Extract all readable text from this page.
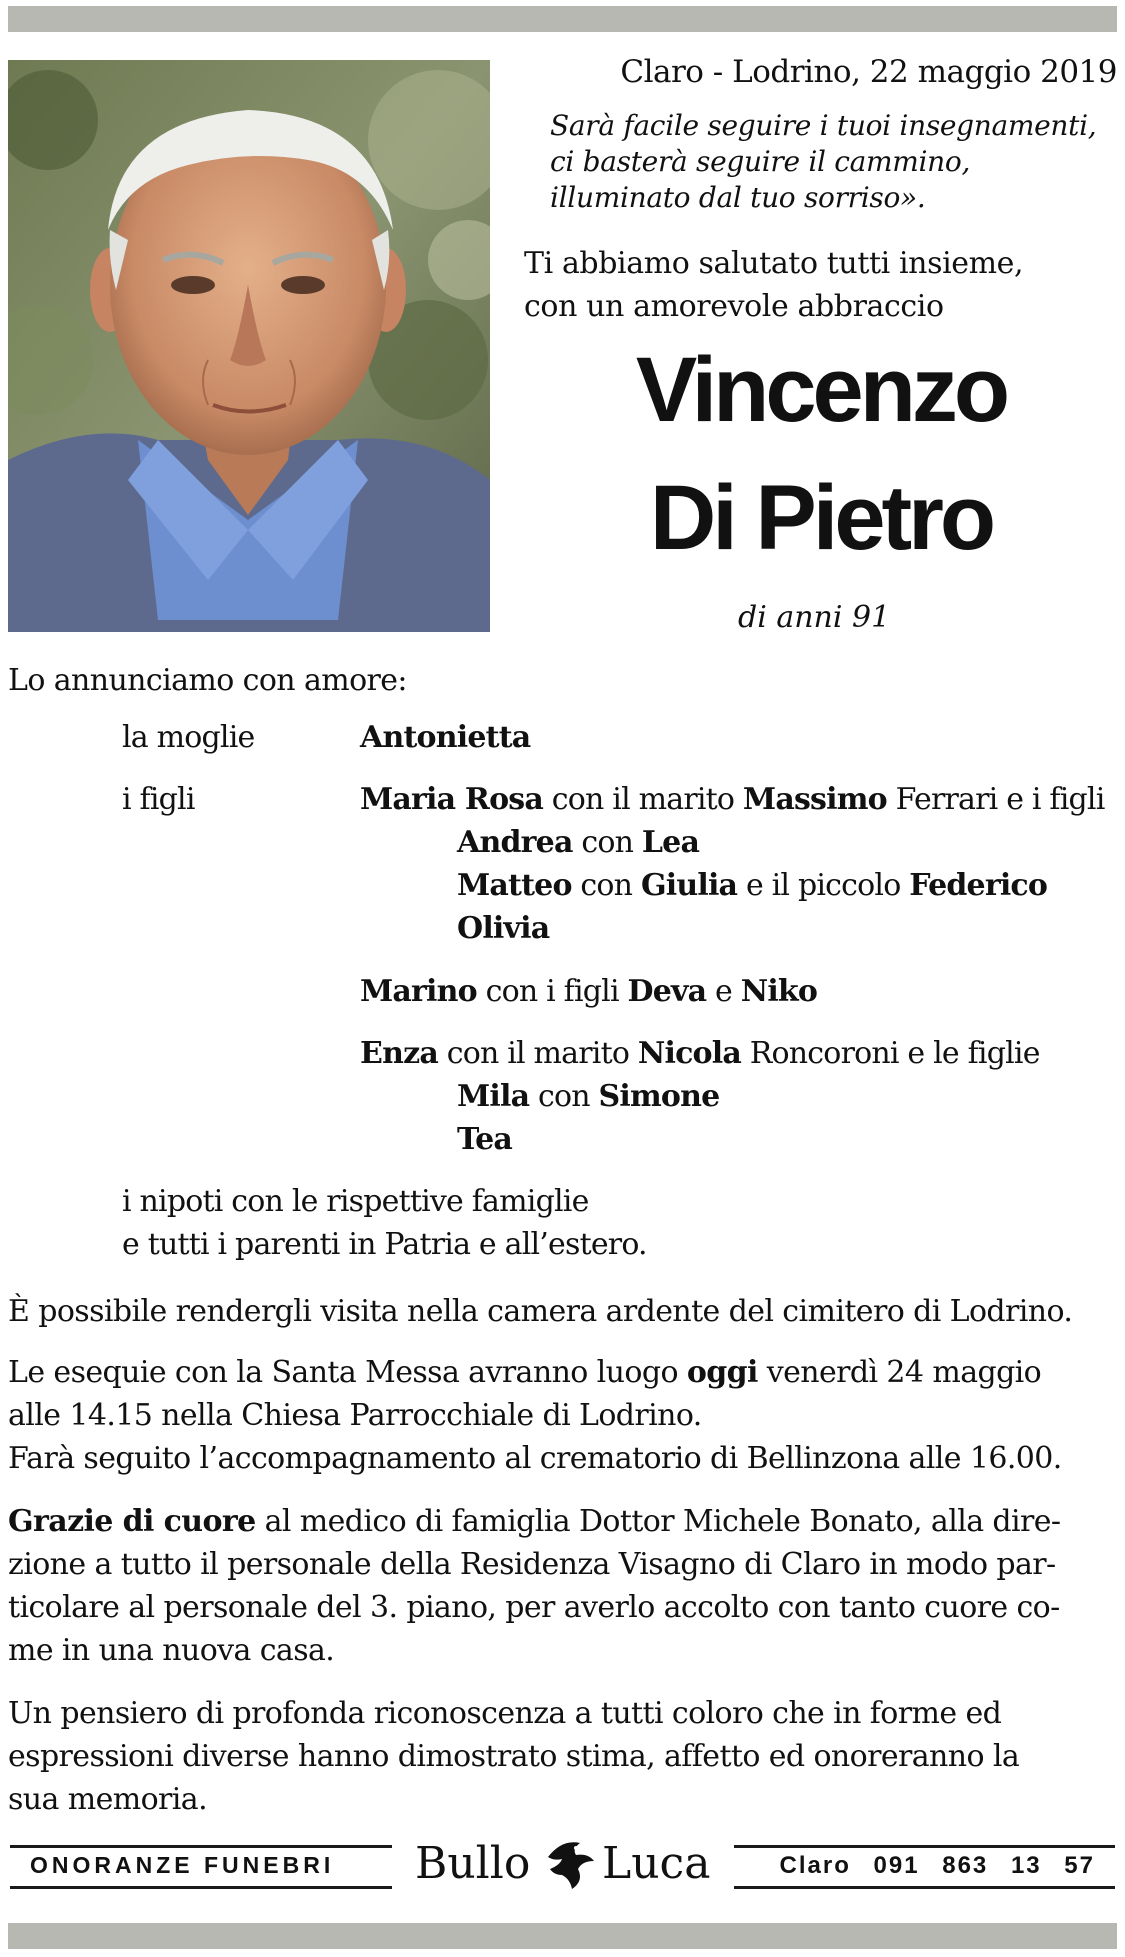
Claro - Lodrino, 22 maggio 2019
Sarà facile seguire i tuoi insegnamenti,
ci basterà seguire il cammino,
illuminato dal tuo sorriso».
Ti abbiamo salutato tutti insieme,
con un amorevole abbraccio
Vincenzo
Di Pietro
di anni 91
Lo annunciamo con amore:
la moglie	Antonietta
i figli	Maria Rosa con il marito Massimo Ferrari e i figli
Andrea con Lea
Matteo con Giulia e il piccolo Federico
Olivia
Marino con i figli Deva e Niko
Enza con il marito Nicola Roncoroni e le figlie
Mila con Simone
Tea
i nipoti con le rispettive famiglie
e tutti i parenti in Patria e all’estero.
È possibile rendergli visita nella camera ardente del cimitero di Lodrino.
Le esequie con la Santa Messa avranno luogo oggi venerdì 24 maggio
alle 14.15 nella Chiesa Parrocchiale di Lodrino.
Farà seguito l’accompagnamento al crematorio di Bellinzona alle 16.00.
Grazie di cuore al medico di famiglia Dottor Michele Bonato, alla dire-
zione a tutto il personale della Residenza Visagno di Claro in modo par-
ticolare al personale del 3. piano, per averlo accolto con tanto cuore co-
me in una nuova casa.
Un pensiero di profonda riconoscenza a tutti coloro che in forme ed
espressioni diverse hanno dimostrato stima, affetto ed onoreranno la
sua memoria.
ONORANZE FUNEBRI Bullo Luca	Claro 091 863 13 57
